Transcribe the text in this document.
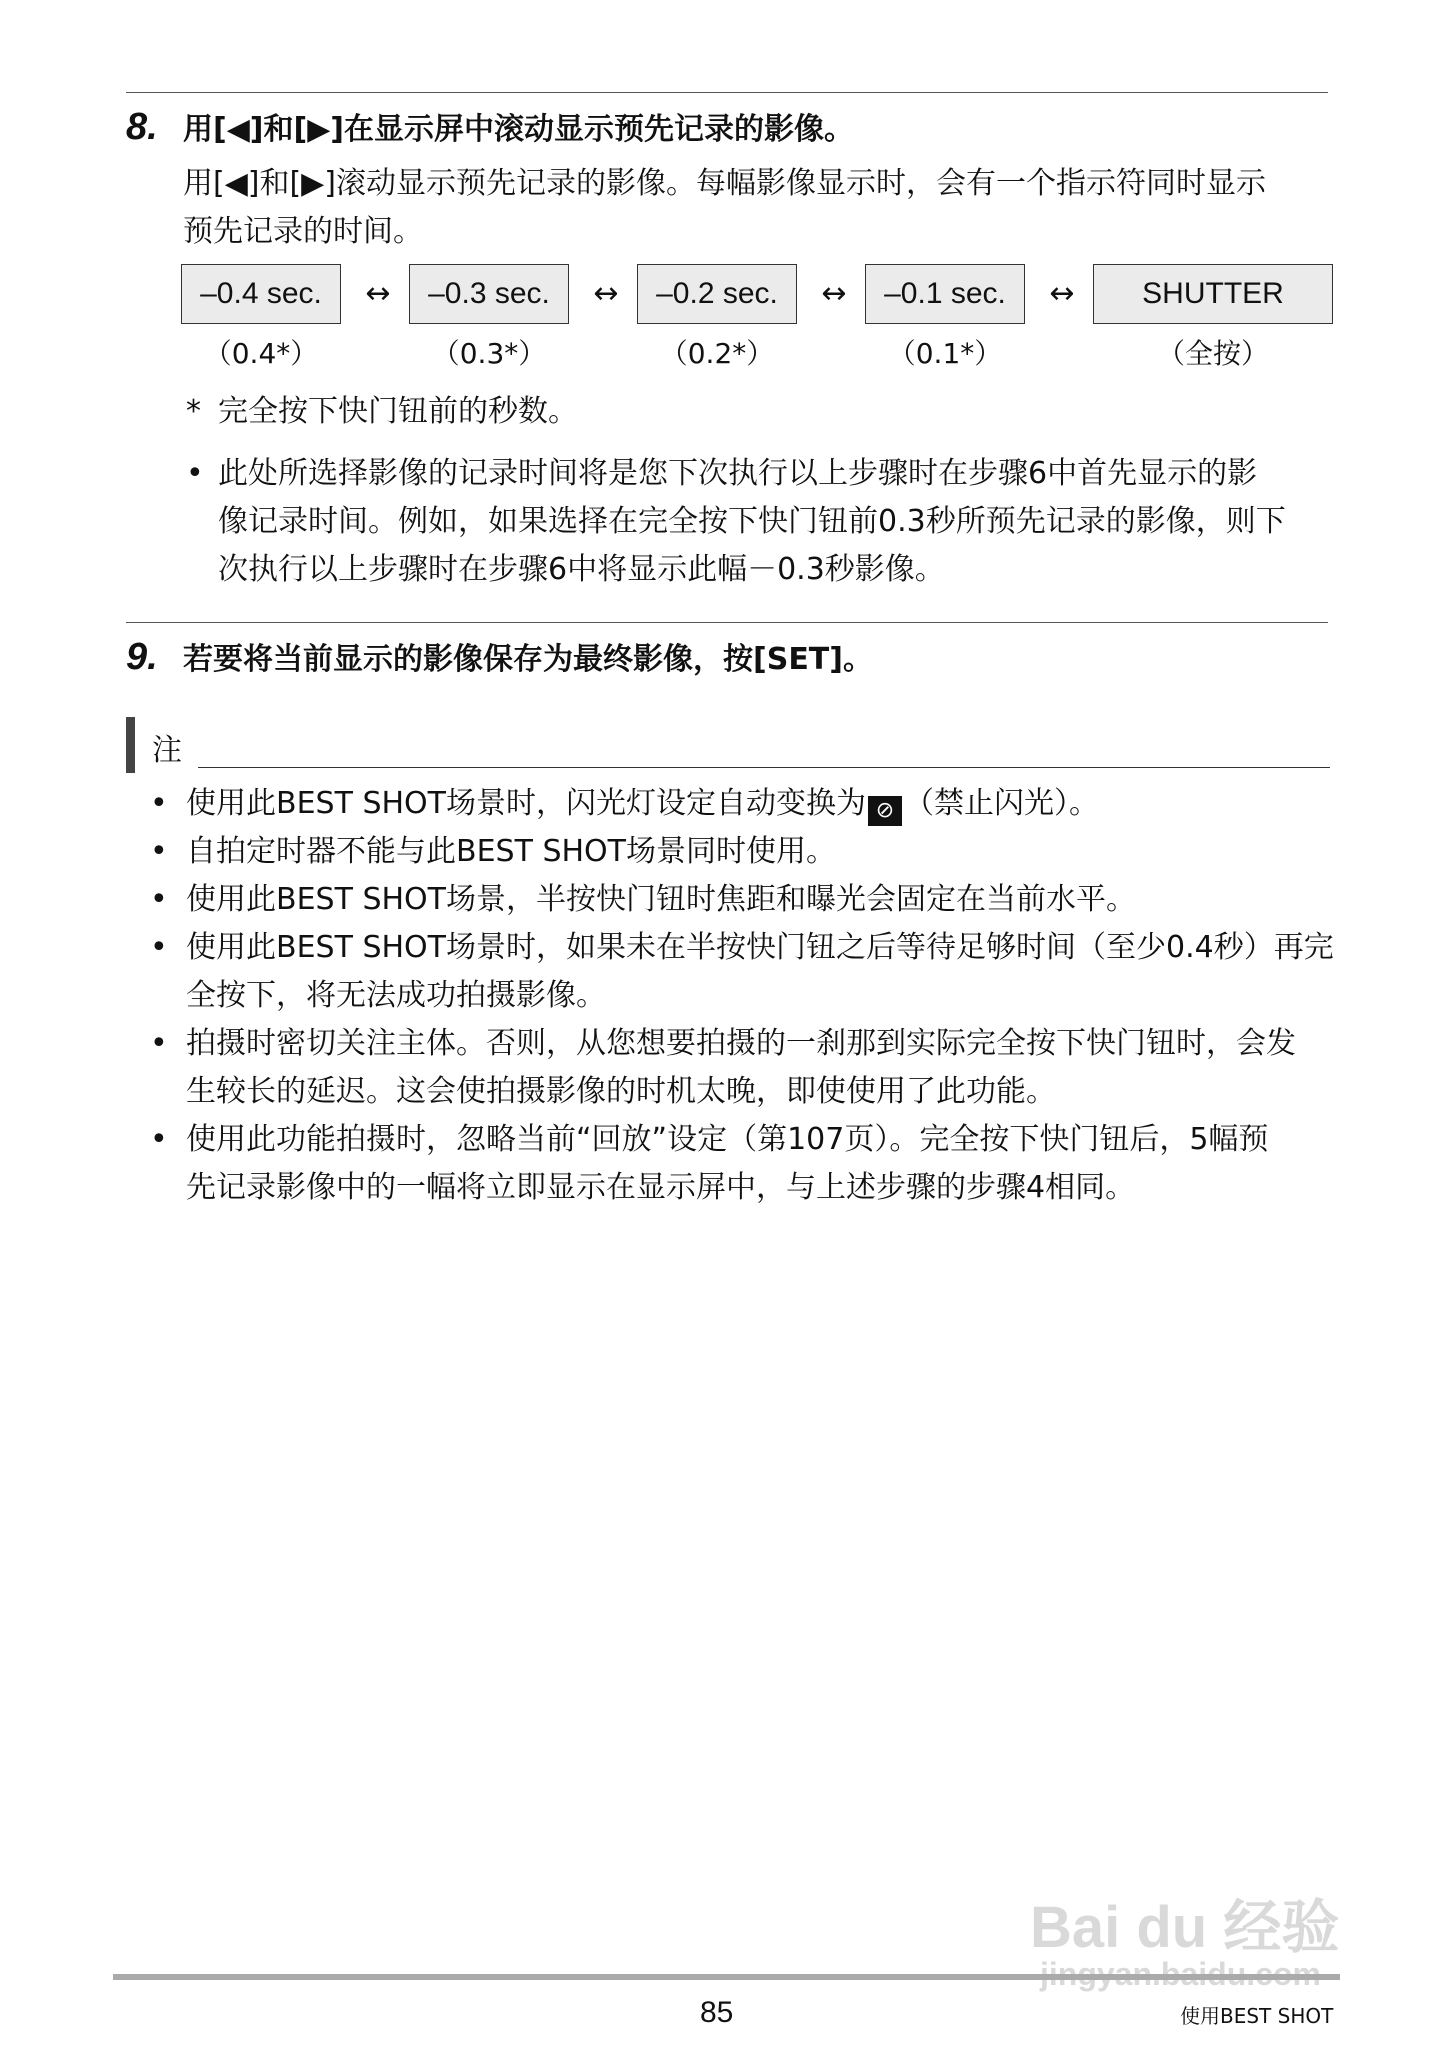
8. 用[◀]和[▶]在显示屏中滚动显示预先记录的影像。
用[◀]和[▶]滚动显示预先记录的影像。每幅影像显示时，会有一个指示符同时显示
预先记录的时间。
–0.4 sec.	↔	–0.3 sec.	↔	–0.2 sec.	↔	–0.1 sec.	↔	SHUTTER
（0.4*）	（0.3*）	（0.2*）	（0.1*）	（全按）
* 完全按下快门钮前的秒数。
• 此处所选择影像的记录时间将是您下次执行以上步骤时在步骤6中首先显示的影
像记录时间。例如，如果选择在完全按下快门钮前0.3秒所预先记录的影像，则下
次执行以上步骤时在步骤6中将显示此幅－0.3秒影像。
9. 若要将当前显示的影像保存为最终影像，按[SET]。
注
• 使用此BEST SHOT场景时，闪光灯设定自动变换为 ⊘ （禁止闪光）。
• 自拍定时器不能与此BEST SHOT场景同时使用。
• 使用此BEST SHOT场景，半按快门钮时焦距和曝光会固定在当前水平。
• 使用此BEST SHOT场景时，如果未在半按快门钮之后等待足够时间（至少0.4秒）再完
全按下，将无法成功拍摄影像。
• 拍摄时密切关注主体。否则，从您想要拍摄的一刹那到实际完全按下快门钮时，会发
生较长的延迟。这会使拍摄影像的时机太晚，即使使用了此功能。
• 使用此功能拍摄时，忽略当前“回放”设定（第107页）。完全按下快门钮后，5幅预
先记录影像中的一幅将立即显示在显示屏中，与上述步骤的步骤4相同。
Bai du 经验
85	使用BEST SHOT
